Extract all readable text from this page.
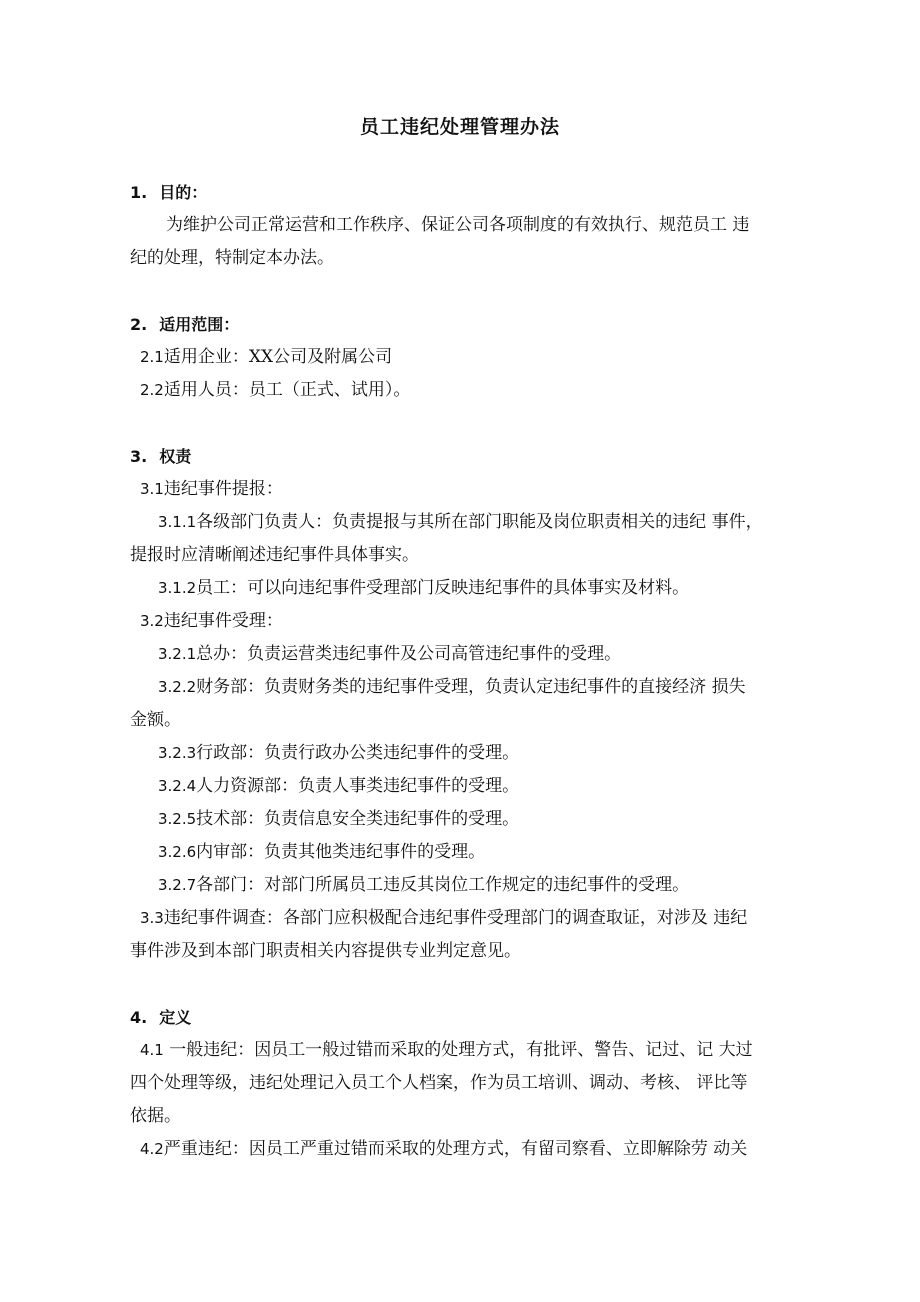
员工违纪处理管理办法
1. 目的：
为维护公司正常运营和工作秩序、保证公司各项制度的有效执行、规范员工 违
纪的处理，特制定本办法。
2. 适用范围：
2.1适用企业：XX公司及附属公司
2.2适用人员：员工（正式、试用）。
3. 权责
3.1违纪事件提报：
3.1.1各级部门负责人：负责提报与其所在部门职能及岗位职责相关的违纪 事件，
提报时应清晰阐述违纪事件具体事实。
3.1.2员工：可以向违纪事件受理部门反映违纪事件的具体事实及材料。
3.2违纪事件受理：
3.2.1总办：负责运营类违纪事件及公司高管违纪事件的受理。
3.2.2财务部：负责财务类的违纪事件受理，负责认定违纪事件的直接经济 损失
金额。
3.2.3行政部：负责行政办公类违纪事件的受理。
3.2.4人力资源部：负责人事类违纪事件的受理。
3.2.5技术部：负责信息安全类违纪事件的受理。
3.2.6内审部：负责其他类违纪事件的受理。
3.2.7各部门：对部门所属员工违反其岗位工作规定的违纪事件的受理。
3.3违纪事件调查：各部门应积极配合违纪事件受理部门的调查取证，对涉及 违纪
事件涉及到本部门职责相关内容提供专业判定意见。
4. 定义
4.1 一般违纪：因员工一般过错而采取的处理方式，有批评、警告、记过、记 大过
四个处理等级，违纪处理记入员工个人档案，作为员工培训、调动、考核、 评比等
依据。
4.2严重违纪：因员工严重过错而采取的处理方式，有留司察看、立即解除劳 动关
